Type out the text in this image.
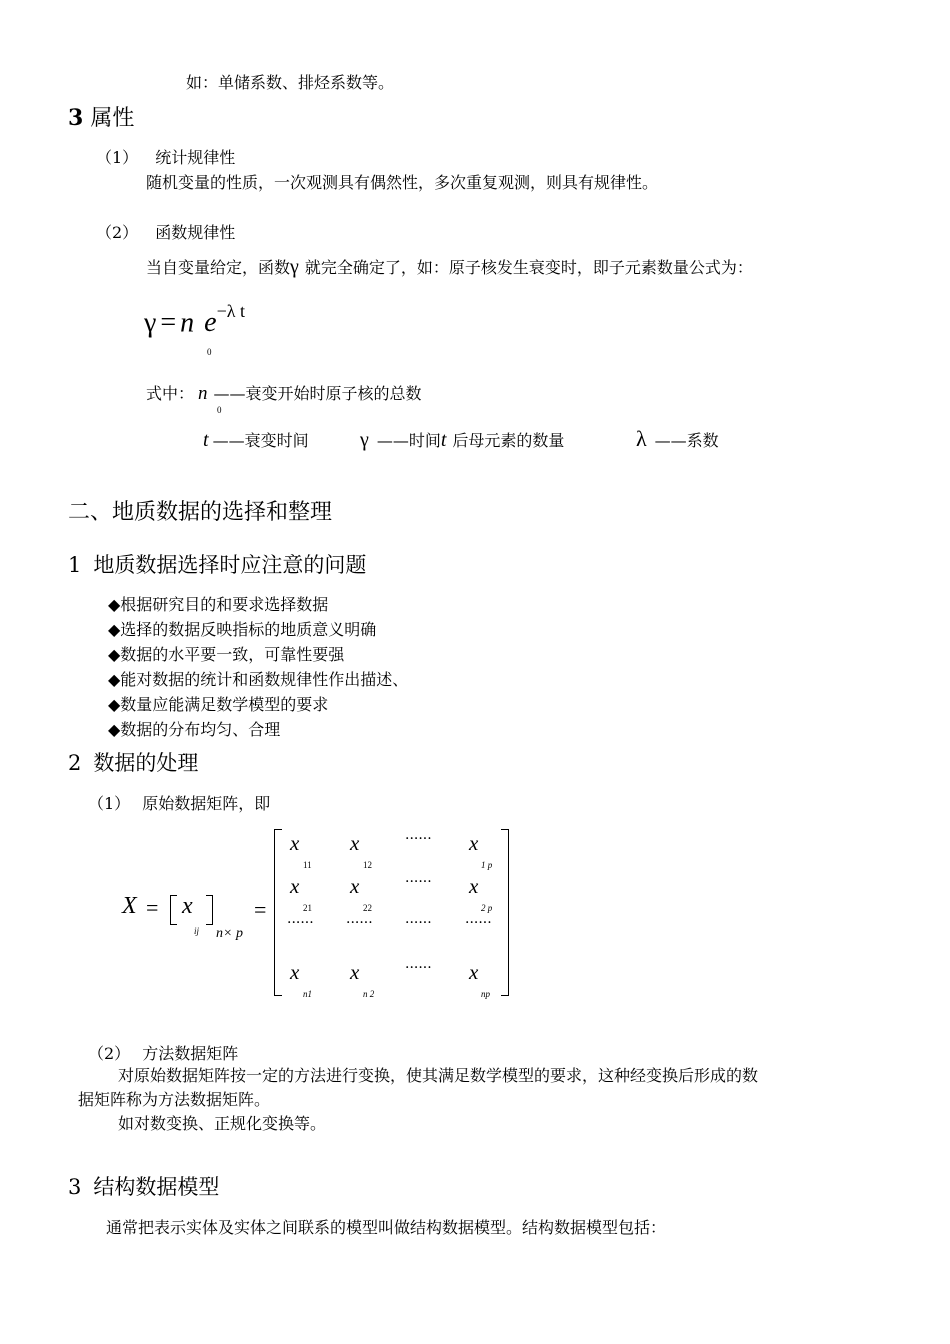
如：单储系数、排烃系数等。
3 属性
（1） 统计规律性
随机变量的性质，一次观测具有偶然性，多次重复观测，则具有规律性。
（2） 函数规律性
当自变量给定，函数γ 就完全确定了，如：原子核发生衰变时，即子元素数量公式为：
γ = n $e^{-\lambda t}$
0
式中： n ——衰变开始时原子核的总数
0
t ——衰变时间	γ ——时间t 后母元素的数量	λ ——系数
二、地质数据的选择和整理
1 地质数据选择时应注意的问题
◆根据研究目的和要求选择数据
◆选择的数据反映指标的地质意义明确
◆数据的水平要一致，可靠性要强
◆能对数据的统计和函数规律性作出描述、
◆数量应能满足数学模型的要求
◆数据的分布均匀、合理
2 数据的处理
（1） 原始数据矩阵，即
X = x
ij n× p
=
x
11
x
12
······ x
1 p
x
21
x
22
······ x
2 p
······ ······ ······ ······
x
n1
x
n 2
······ x
np
（2） 方法数据矩阵
对原始数据矩阵按一定的方法进行变换，使其满足数学模型的要求，这种经变换后形成的数
据矩阵称为方法数据矩阵。
如对数变换、正规化变换等。
3 结构数据模型
通常把表示实体及实体之间联系的模型叫做结构数据模型。结构数据模型包括：
